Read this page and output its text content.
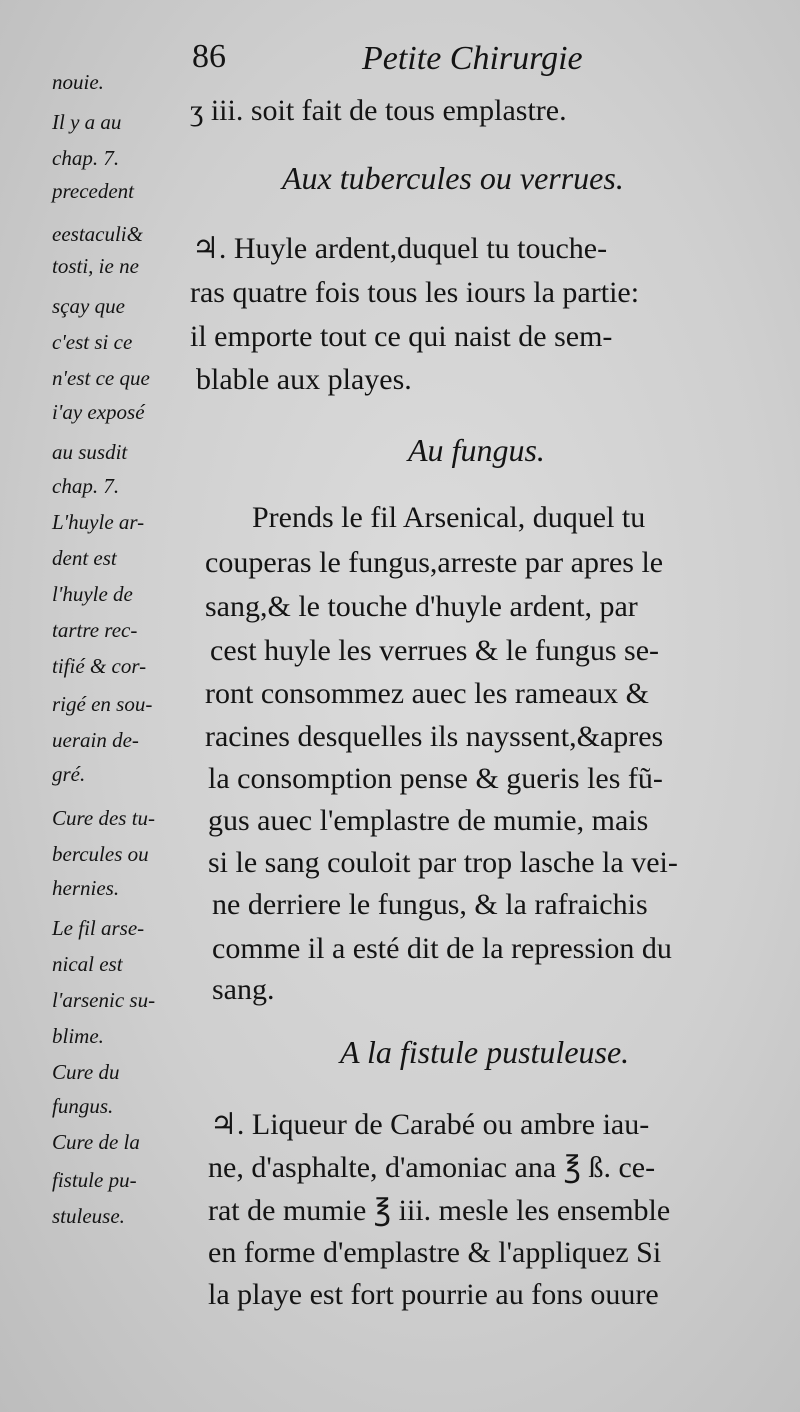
86	Petite Chirurgie
nouie.
Il y a au
chap. 7.
precedent
eestaculi&
tosti, ie ne
sçay que
c'est si ce
n'est ce que
i'ay exposé
au susdit
chap. 7.
L'huyle ar-
dent est
l'huyle de
tartre rec-
tifié & cor-
rigé en sou-
uerain de-
gré.
Cure des tu-
bercules ou
hernies.
Le fil arse-
nical est
l'arsenic su-
blime.
Cure du
fungus.
Cure de la
fistule pu-
stuleuse.
ʒ iii. soit fait de tous emplastre.
Aux tubercules ou verrues.
♃. Huyle ardent,duquel tu touche-
ras quatre fois tous les iours la partie:
il emporte tout ce qui naist de sem-
blable aux playes.
Au fungus.
Prends le fil Arsenical, duquel tu
couperas le fungus,arreste par apres le
sang,& le touche d'huyle ardent, par
cest huyle les verrues & le fungus se-
ront consommez auec les rameaux &
racines desquelles ils nayssent,&apres
la consomption pense & gueris les fũ-
gus auec l'emplastre de mumie, mais
si le sang couloit par trop lasche la vei-
ne derriere le fungus, & la rafraichis
comme il a esté dit de la repression du
sang.
A la fistule pustuleuse.
♃. Liqueur de Carabé ou ambre iau-
ne, d'asphalte, d'amoniac ana ℥ ß. ce-
rat de mumie ℥ iii. mesle les ensemble
en forme d'emplastre & l'appliquez Si
la playe est fort pourrie au fons ouure
